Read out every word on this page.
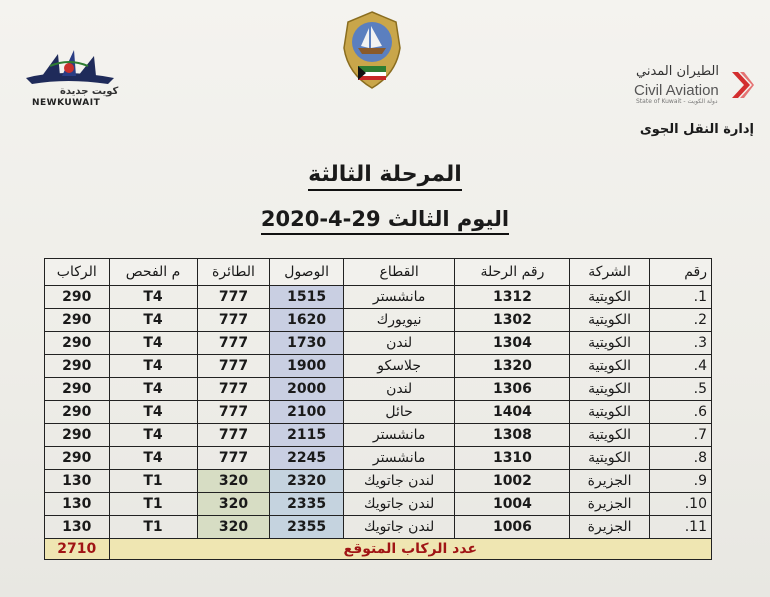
كويت جديدة
NEWKUWAIT
الطيران المدني
Civil Aviation
State of Kuwait - دولة الكويت
إدارة النقل الجوى
المرحلة الثالثة
اليوم الثالث 29-4-2020
رقم	الشركة	رقم الرحلة	القطاع	الوصول	الطائرة	م الفحص	الركاب
1.	الكويتية	1312	مانشستر	1515	777	T4	290
2.	الكويتية	1302	نيويورك	1620	777	T4	290
3.	الكويتية	1304	لندن	1730	777	T4	290
4.	الكويتية	1320	جلاسكو	1900	777	T4	290
5.	الكويتية	1306	لندن	2000	777	T4	290
6.	الكويتية	1404	حائل	2100	777	T4	290
7.	الكويتية	1308	مانشستر	2115	777	T4	290
8.	الكويتية	1310	مانشستر	2245	777	T4	290
9.	الجزيرة	1002	لندن جاتويك	2320	320	T1	130
10.	الجزيرة	1004	لندن جاتويك	2335	320	T1	130
11.	الجزيرة	1006	لندن جاتويك	2355	320	T1	130
عدد الركاب المتوقع							2710
